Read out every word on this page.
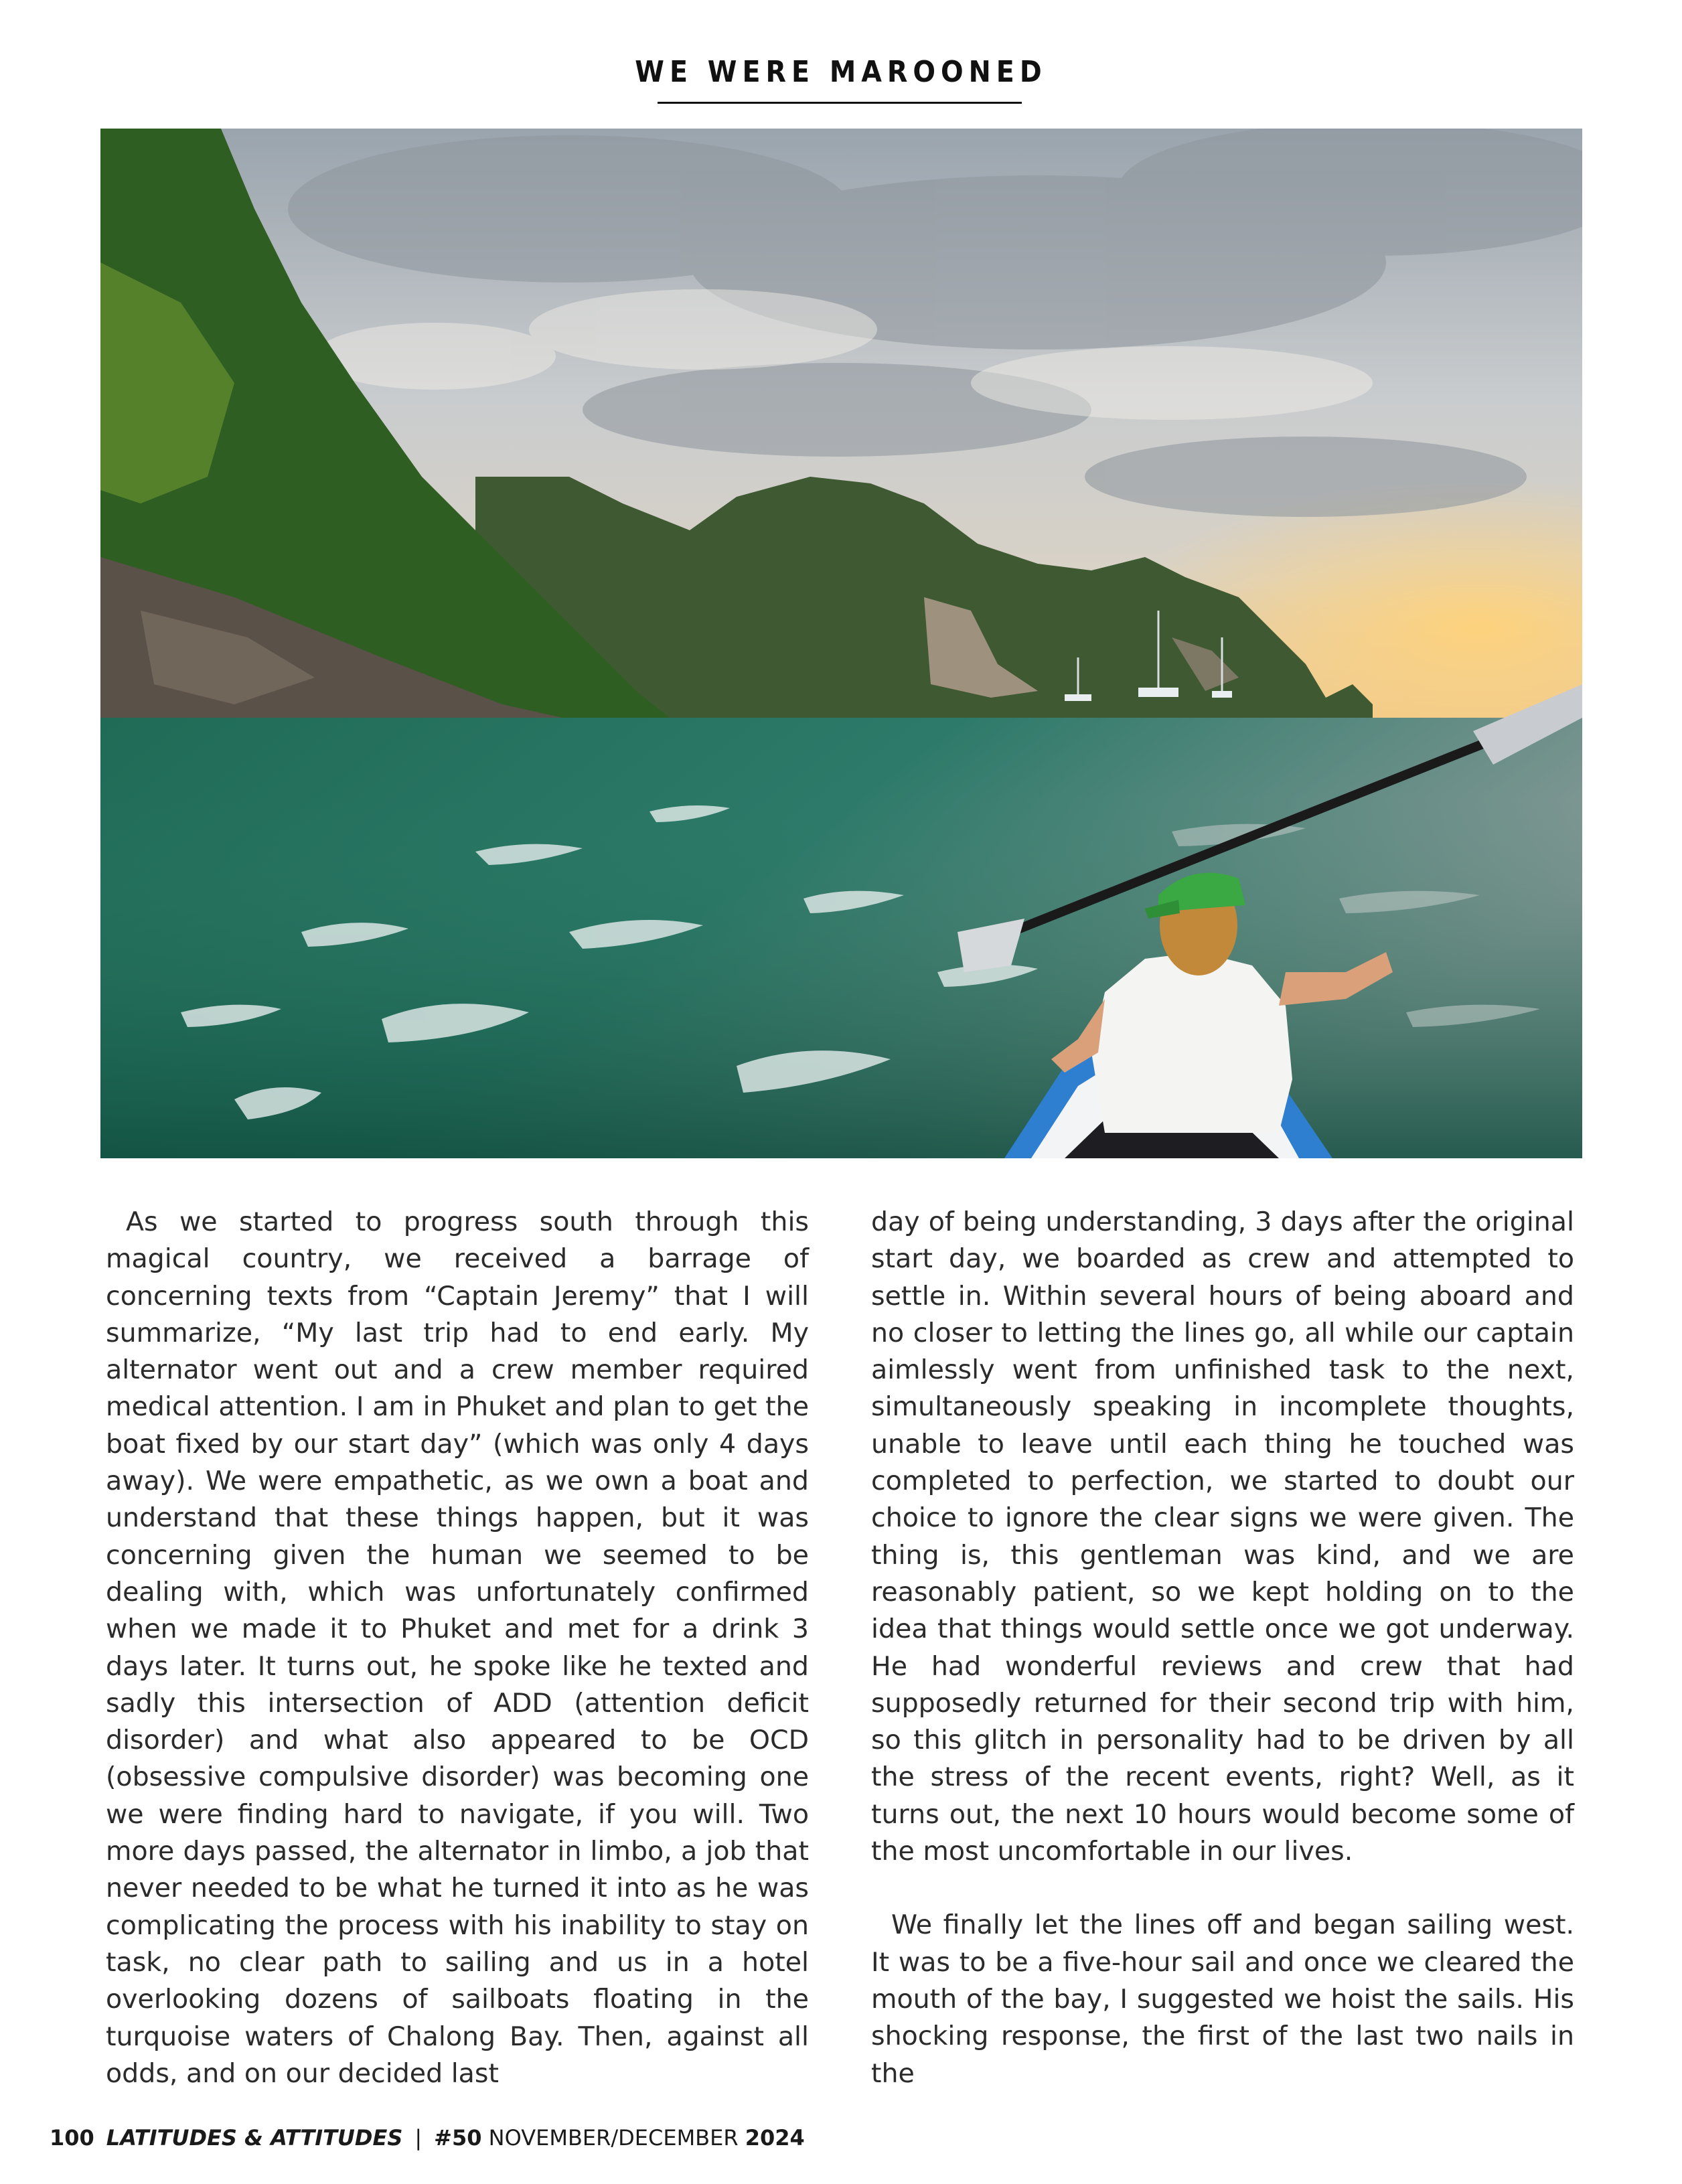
WE WERE MAROONED

As we started to progress south through this magical country, we received a barrage of concerning texts from “Captain Jeremy” that I will summarize, “My last trip had to end early. My alternator went out and a crew member required medical attention. I am in Phuket and plan to get the boat fixed by our start day” (which was only 4 days away). We were empathetic, as we own a boat and understand that these things happen, but it was concerning given the human we seemed to be dealing with, which was unfortunately confirmed when we made it to Phuket and met for a drink 3 days later. It turns out, he spoke like he texted and sadly this intersection of ADD (attention deficit disorder) and what also appeared to be OCD (obsessive compulsive disorder) was becoming one we were finding hard to navigate, if you will. Two more days passed, the alternator in limbo, a job that never needed to be what he turned it into as he was complicating the process with his inability to stay on task, no clear path to sailing and us in a hotel overlooking dozens of sailboats floating in the turquoise waters of Chalong Bay. Then, against all odds, and on our decided last

day of being understanding, 3 days after the original start day, we boarded as crew and attempted to settle in. Within several hours of being aboard and no closer to letting the lines go, all while our captain aimlessly went from unfinished task to the next, simultaneously speaking in incomplete thoughts, unable to leave until each thing he touched was completed to perfection, we started to doubt our choice to ignore the clear signs we were given. The thing is, this gentleman was kind, and we are reasonably patient, so we kept holding on to the idea that things would settle once we got underway. He had wonderful reviews and crew that had supposedly returned for their second trip with him, so this glitch in personality had to be driven by all the stress of the recent events, right? Well, as it turns out, the next 10 hours would become some of the most uncomfortable in our lives.

We finally let the lines off and began sailing west. It was to be a five-hour sail and once we cleared the mouth of the bay, I suggested we hoist the sails. His shocking response, the first of the last two nails in the

100 LATITUDES & ATTITUDES | #50 NOVEMBER/DECEMBER 2024
